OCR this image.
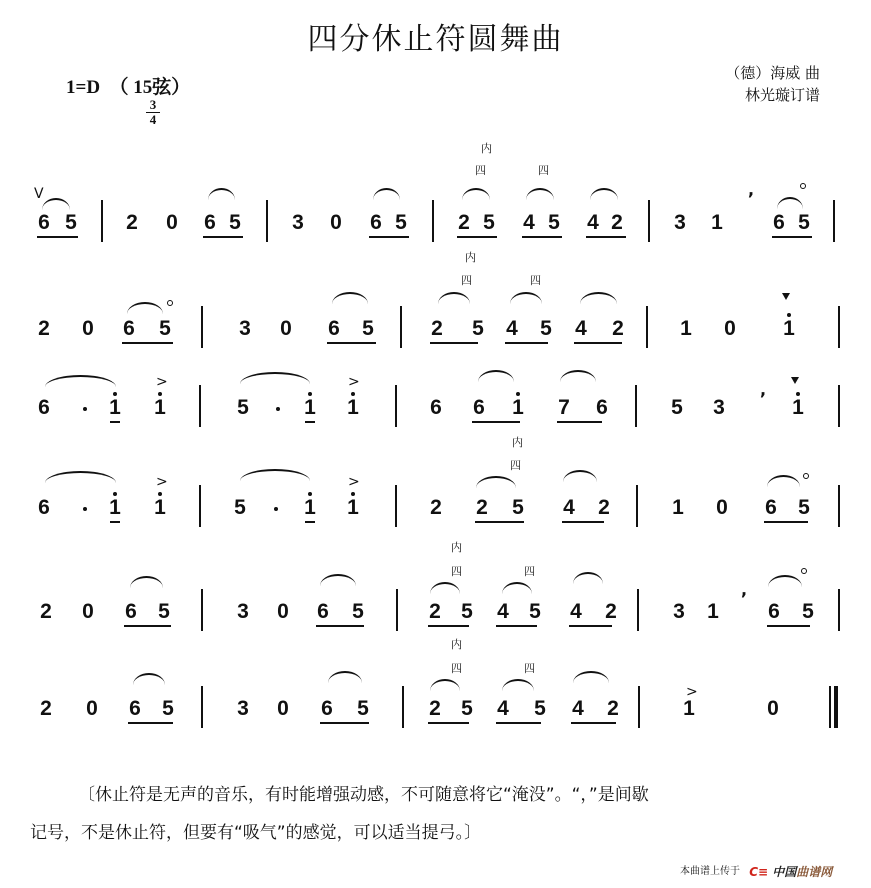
四分休止符圆舞曲
1=D  （ 15弦）
$\frac{3}{4}$
（德）海威 曲
林光璇订谱
V
6 5 2 0 6 5 3 0 6 5 2 5 4 5 4 2
内
四	四
3 1
,
6 5
2 0 6 5	3 0 6 5	2 5 4 5 4 2
内
四	四
1 0 1
6	1 1
>
5	1 1
>
6 6 1 7 6	5 3
,
1
6	1 1
>
5	1 1
>
2 2 5 4 2
内
四
1 0 6 5
2 0 6 5	3 0 6 5	2 5 4 5 4 2
内
四	四
3 1
,
6 5
2 0 6 5	3 0 6 5	2 5 4 5 4 2
内
四	四
1
>
0
〔休止符是无声的音乐，有时能增强动感，不可随意将它“淹没”。“，”是间歇
记号，不是休止符，但要有“吸气”的感觉，可以适当提弓。〕
本曲谱上传于 C≡ 中国曲谱网
